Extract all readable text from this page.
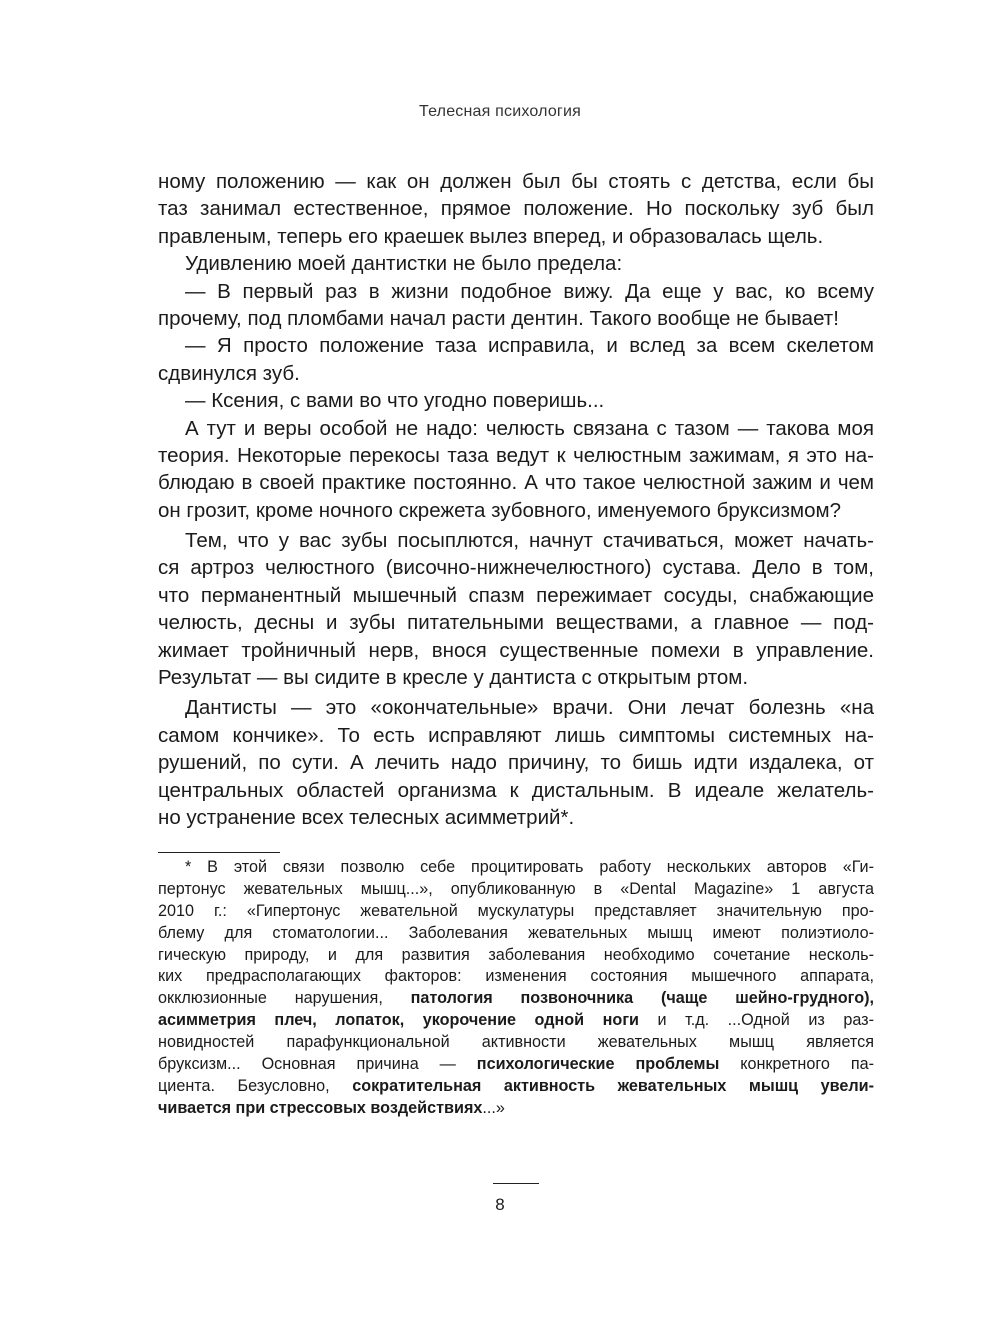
Телесная психология
ному положению — как он должен был бы стоять с детства, если бы
таз занимал естественное, прямое положение. Но поскольку зуб был
правленым, теперь его краешек вылез вперед, и образовалась щель.
Удивлению моей дантистки не было предела:
— В первый раз в жизни подобное вижу. Да еще у вас, ко всему
прочему, под пломбами начал расти дентин. Такого вообще не бывает!
— Я просто положение таза исправила, и вслед за всем скелетом
сдвинулся зуб.
— Ксения, с вами во что угодно поверишь...
А тут и веры особой не надо: челюсть связана с тазом — такова моя
теория. Некоторые перекосы таза ведут к челюстным зажимам, я это на-
блюдаю в своей практике постоянно. А что такое челюстной зажим и чем
он грозит, кроме ночного скрежета зубовного, именуемого бруксизмом?
Тем, что у вас зубы посыплются, начнут стачиваться, может начать-
ся артроз челюстного (височно-нижнечелюстного) сустава. Дело в том,
что перманентный мышечный спазм пережимает сосуды, снабжающие
челюсть, десны и зубы питательными веществами, а главное — под-
жимает тройничный нерв, внося существенные помехи в управление.
Результат — вы сидите в кресле у дантиста с открытым ртом.
Дантисты — это «окончательные» врачи. Они лечат болезнь «на
самом кончике». То есть исправляют лишь симптомы системных на-
рушений, по сути. А лечить надо причину, то бишь идти издалека, от
центральных областей организма к дистальным. В идеале желатель-
но устранение всех телесных асимметрий*.
* В этой связи позволю себе процитировать работу нескольких авторов «Ги-
пертонус жевательных мышц...», опубликованную в «Dental Magazine» 1 августа
2010 г.: «Гипертонус жевательной мускулатуры представляет значительную про-
блему для стоматологии... Заболевания жевательных мышц имеют полиэтиоло-
гическую природу, и для развития заболевания необходимо сочетание несколь-
ких предрасполагающих факторов: изменения состояния мышечного аппарата,
окклюзионные нарушения, патология позвоночника (чаще шейно-грудного),
асимметрия плеч, лопаток, укорочение одной ноги и т.д. ...Одной из раз-
новидностей парафункциональной активности жевательных мышц является
бруксизм... Основная причина — психологические проблемы конкретного па-
циента. Безусловно, сократительная активность жевательных мышц увели-
чивается при стрессовых воздействиях...»
8
